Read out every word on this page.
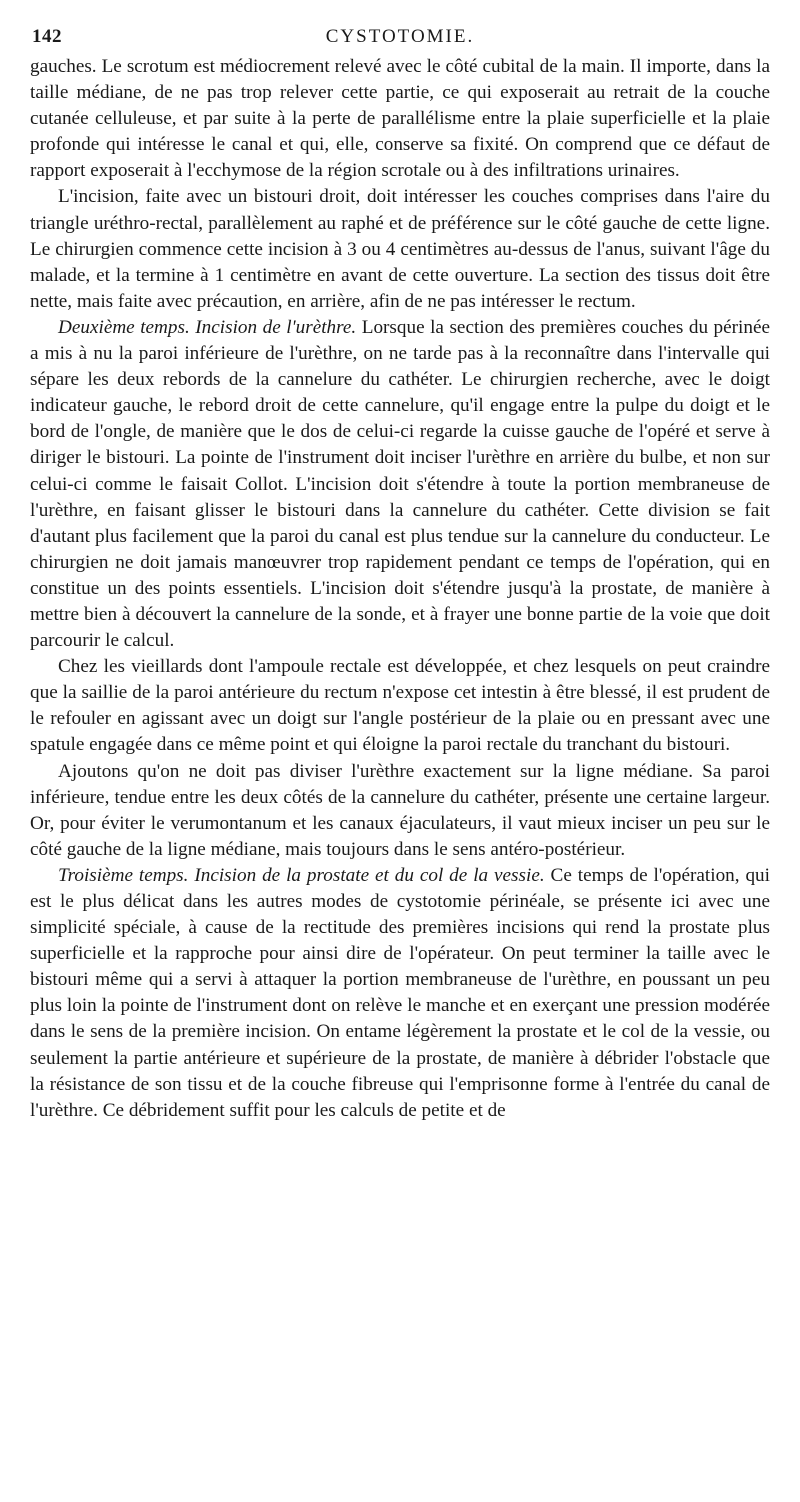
142	CYSTOTOMIE.

gauches. Le scrotum est médiocrement relevé avec le côté cubital de la main. Il importe, dans la taille médiane, de ne pas trop relever cette partie, ce qui exposerait au retrait de la couche cutanée celluleuse, et par suite à la perte de parallélisme entre la plaie superficielle et la plaie profonde qui intéresse le canal et qui, elle, conserve sa fixité. On comprend que ce défaut de rapport exposerait à l'ecchymose de la région scrotale ou à des infiltrations urinaires.

L'incision, faite avec un bistouri droit, doit intéresser les couches comprises dans l'aire du triangle uréthro-rectal, parallèlement au raphé et de préférence sur le côté gauche de cette ligne. Le chirurgien commence cette incision à 3 ou 4 centimètres au-dessus de l'anus, suivant l'âge du malade, et la termine à 1 centimètre en avant de cette ouverture. La section des tissus doit être nette, mais faite avec précaution, en arrière, afin de ne pas intéresser le rectum.

Deuxième temps. Incision de l'urèthre. Lorsque la section des premières couches du périnée a mis à nu la paroi inférieure de l'urèthre, on ne tarde pas à la reconnaître dans l'intervalle qui sépare les deux rebords de la cannelure du cathéter. Le chirurgien recherche, avec le doigt indicateur gauche, le rebord droit de cette cannelure, qu'il engage entre la pulpe du doigt et le bord de l'ongle, de manière que le dos de celui-ci regarde la cuisse gauche de l'opéré et serve à diriger le bistouri. La pointe de l'instrument doit inciser l'urèthre en arrière du bulbe, et non sur celui-ci comme le faisait Collot. L'incision doit s'étendre à toute la portion membraneuse de l'urèthre, en faisant glisser le bistouri dans la cannelure du cathéter. Cette division se fait d'autant plus facilement que la paroi du canal est plus tendue sur la cannelure du conducteur. Le chirurgien ne doit jamais manœuvrer trop rapidement pendant ce temps de l'opération, qui en constitue un des points essentiels. L'incision doit s'étendre jusqu'à la prostate, de manière à mettre bien à découvert la cannelure de la sonde, et à frayer une bonne partie de la voie que doit parcourir le calcul.

Chez les vieillards dont l'ampoule rectale est développée, et chez lesquels on peut craindre que la saillie de la paroi antérieure du rectum n'expose cet intestin à être blessé, il est prudent de le refouler en agissant avec un doigt sur l'angle postérieur de la plaie ou en pressant avec une spatule engagée dans ce même point et qui éloigne la paroi rectale du tranchant du bistouri.

Ajoutons qu'on ne doit pas diviser l'urèthre exactement sur la ligne médiane. Sa paroi inférieure, tendue entre les deux côtés de la cannelure du cathéter, présente une certaine largeur. Or, pour éviter le verumontanum et les canaux éjaculateurs, il vaut mieux inciser un peu sur le côté gauche de la ligne médiane, mais toujours dans le sens antéro-postérieur.

Troisième temps. Incision de la prostate et du col de la vessie. Ce temps de l'opération, qui est le plus délicat dans les autres modes de cystotomie périnéale, se présente ici avec une simplicité spéciale, à cause de la rectitude des premières incisions qui rend la prostate plus superficielle et la rapproche pour ainsi dire de l'opérateur. On peut terminer la taille avec le bistouri même qui a servi à attaquer la portion membraneuse de l'urèthre, en poussant un peu plus loin la pointe de l'instrument dont on relève le manche et en exerçant une pression modérée dans le sens de la première incision. On entame légèrement la prostate et le col de la vessie, ou seulement la partie antérieure et supérieure de la prostate, de manière à débrider l'obstacle que la résistance de son tissu et de la couche fibreuse qui l'emprisonne forme à l'entrée du canal de l'urèthre. Ce débridement suffit pour les calculs de petite et de
